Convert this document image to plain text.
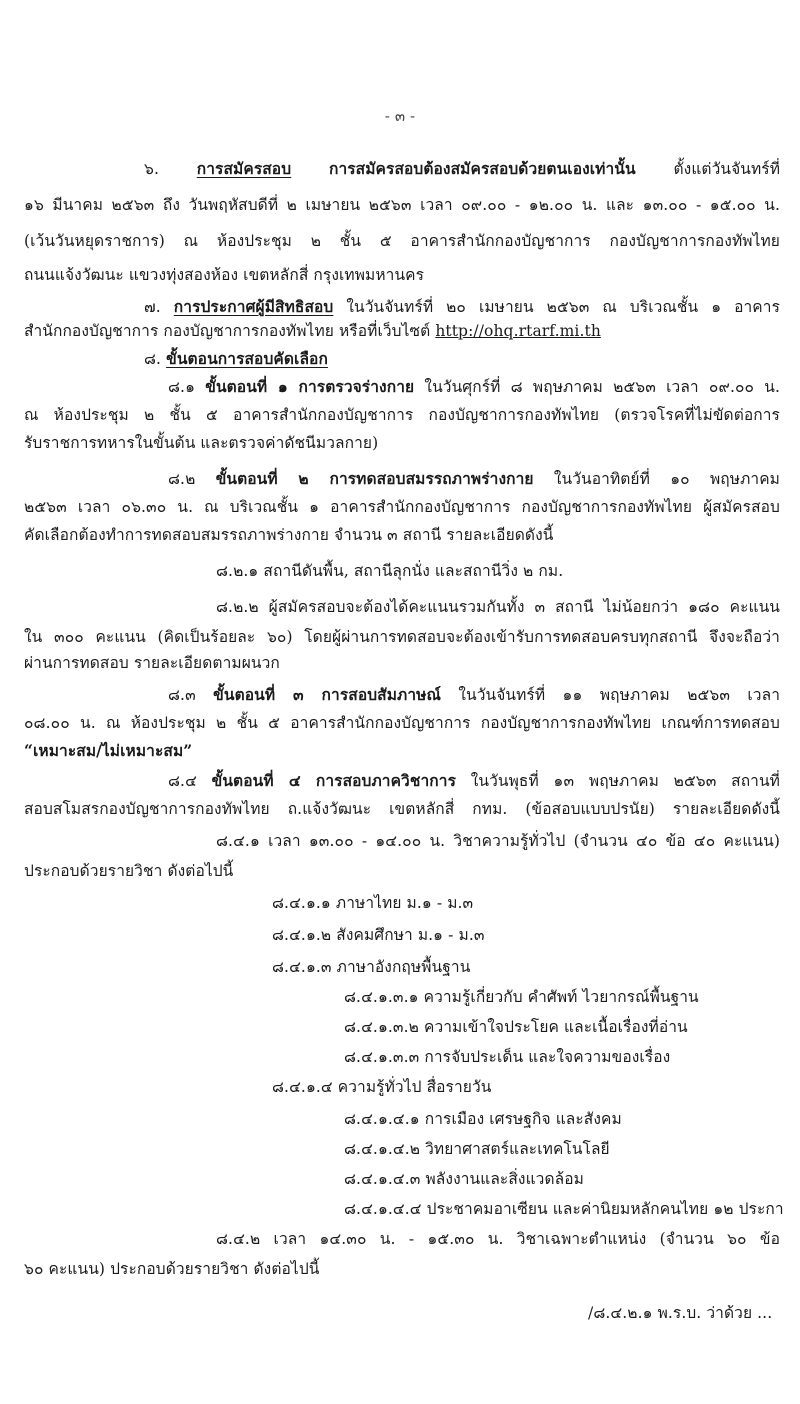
- ๓ -
๖. การสมัครสอบ การสมัครสอบต้องสมัครสอบด้วยตนเองเท่านั้น ตั้งแต่วันจันทร์ที่
๑๖ มีนาคม ๒๕๖๓ ถึง วันพฤหัสบดีที่ ๒ เมษายน ๒๕๖๓ เวลา ๐๙.๐๐ - ๑๒.๐๐ น. และ ๑๓.๐๐ - ๑๕.๐๐ น.
(เว้นวันหยุดราชการ) ณ ห้องประชุม ๒ ชั้น ๕ อาคารสำนักกองบัญชาการ กองบัญชาการกองทัพไทย
ถนนแจ้งวัฒนะ แขวงทุ่งสองห้อง เขตหลักสี่ กรุงเทพมหานคร
๗. การประกาศผู้มีสิทธิสอบ ในวันจันทร์ที่ ๒๐ เมษายน ๒๕๖๓ ณ บริเวณชั้น ๑ อาคาร
สำนักกองบัญชาการ กองบัญชาการกองทัพไทย หรือที่เว็บไซต์ http://ohq.rtarf.mi.th
๘. ขั้นตอนการสอบคัดเลือก
๘.๑ ขั้นตอนที่ ๑ การตรวจร่างกาย ในวันศุกร์ที่ ๘ พฤษภาคม ๒๕๖๓ เวลา ๐๙.๐๐ น.
ณ ห้องประชุม ๒ ชั้น ๕ อาคารสำนักกองบัญชาการ กองบัญชาการกองทัพไทย (ตรวจโรคที่ไม่ขัดต่อการ
รับราชการทหารในขั้นต้น และตรวจค่าดัชนีมวลกาย)
๘.๒ ขั้นตอนที่ ๒ การทดสอบสมรรถภาพร่างกาย ในวันอาทิตย์ที่ ๑๐ พฤษภาคม
๒๕๖๓ เวลา ๐๖.๓๐ น. ณ บริเวณชั้น ๑ อาคารสำนักกองบัญชาการ กองบัญชาการกองทัพไทย ผู้สมัครสอบ
คัดเลือกต้องทำการทดสอบสมรรถภาพร่างกาย จำนวน ๓ สถานี รายละเอียดดังนี้
๘.๒.๑ สถานีดันพื้น, สถานีลุกนั่ง และสถานีวิ่ง ๒ กม.
๘.๒.๒ ผู้สมัครสอบจะต้องได้คะแนนรวมกันทั้ง ๓ สถานี ไม่น้อยกว่า ๑๘๐ คะแนน
ใน ๓๐๐ คะแนน (คิดเป็นร้อยละ ๖๐) โดยผู้ผ่านการทดสอบจะต้องเข้ารับการทดสอบครบทุกสถานี จึงจะถือว่า
ผ่านการทดสอบ รายละเอียดตามผนวก
๘.๓ ขั้นตอนที่ ๓ การสอบสัมภาษณ์ ในวันจันทร์ที่ ๑๑ พฤษภาคม ๒๕๖๓ เวลา
๐๘.๐๐ น. ณ ห้องประชุม ๒ ชั้น ๕ อาคารสำนักกองบัญชาการ กองบัญชาการกองทัพไทย เกณฑ์การทดสอบ
“เหมาะสม/ไม่เหมาะสม”
๘.๔ ขั้นตอนที่ ๔ การสอบภาควิชาการ ในวันพุธที่ ๑๓ พฤษภาคม ๒๕๖๓ สถานที่
สอบสโมสรกองบัญชาการกองทัพไทย ถ.แจ้งวัฒนะ เขตหลักสี่ กทม. (ข้อสอบแบบปรนัย) รายละเอียดดังนี้
๘.๔.๑ เวลา ๑๓.๐๐ - ๑๔.๐๐ น. วิชาความรู้ทั่วไป (จำนวน ๔๐ ข้อ ๔๐ คะแนน)
ประกอบด้วยรายวิชา ดังต่อไปนี้
๘.๔.๑.๑ ภาษาไทย ม.๑ - ม.๓
๘.๔.๑.๒ สังคมศึกษา ม.๑ - ม.๓
๘.๔.๑.๓ ภาษาอังกฤษพื้นฐาน
๘.๔.๑.๓.๑ ความรู้เกี่ยวกับ คำศัพท์ ไวยากรณ์พื้นฐาน
๘.๔.๑.๓.๒ ความเข้าใจประโยค และเนื้อเรื่องที่อ่าน
๘.๔.๑.๓.๓ การจับประเด็น และใจความของเรื่อง
๘.๔.๑.๔ ความรู้ทั่วไป สื่อรายวัน
๘.๔.๑.๔.๑ การเมือง เศรษฐกิจ และสังคม
๘.๔.๑.๔.๒ วิทยาศาสตร์และเทคโนโลยี
๘.๔.๑.๔.๓ พลังงานและสิ่งแวดล้อม
๘.๔.๑.๔.๔ ประชาคมอาเซียน และค่านิยมหลักคนไทย ๑๒ ประกา
๘.๔.๒ เวลา ๑๔.๓๐ น. - ๑๕.๓๐ น. วิชาเฉพาะตำแหน่ง (จำนวน ๖๐ ข้อ
๖๐ คะแนน) ประกอบด้วยรายวิชา ดังต่อไปนี้
/๘.๔.๒.๑ พ.ร.บ. ว่าด้วย ...
